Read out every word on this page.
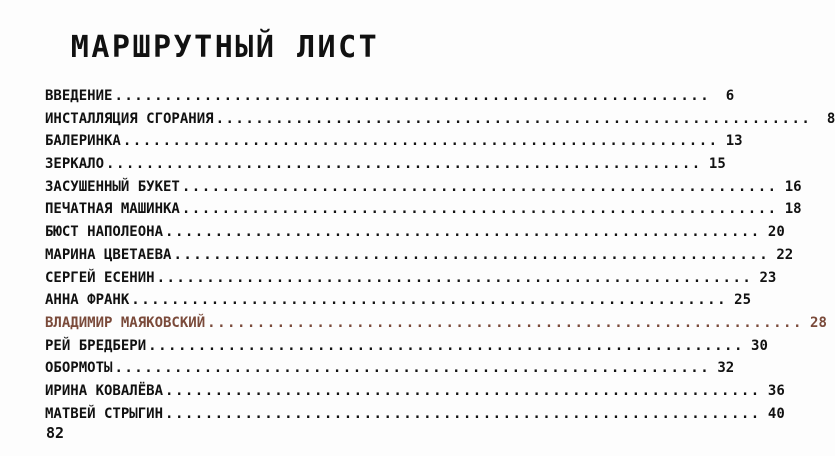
МАРШРУТНЫЙ ЛИСТ
ВВЕДЕНИЕ ............................................................	6
ИНСТАЛЛЯЦИЯ СГОРАНИЯ ............................................................	8
БАЛЕРИНКА ............................................................ 13
ЗЕРКАЛО ............................................................ 15
ЗАСУШЕННЫЙ БУКЕТ ............................................................ 16
ПЕЧАТНАЯ МАШИНКА ............................................................ 18
БЮСТ НАПОЛЕОНА ............................................................ 20
МАРИНА ЦВЕТАЕВА ............................................................ 22
СЕРГЕЙ ЕСЕНИН ............................................................ 23
АННА ФРАНК ............................................................ 25
ВЛАДИМИР МАЯКОВСКИЙ ............................................................ 28
РЕЙ БРЕДБЕРИ ............................................................ 30
ОБОРМОТЫ ............................................................ 32
ИРИНА КОВАЛЁВА ............................................................ 36
МАТВЕЙ СТРЫГИН ............................................................ 40
82
